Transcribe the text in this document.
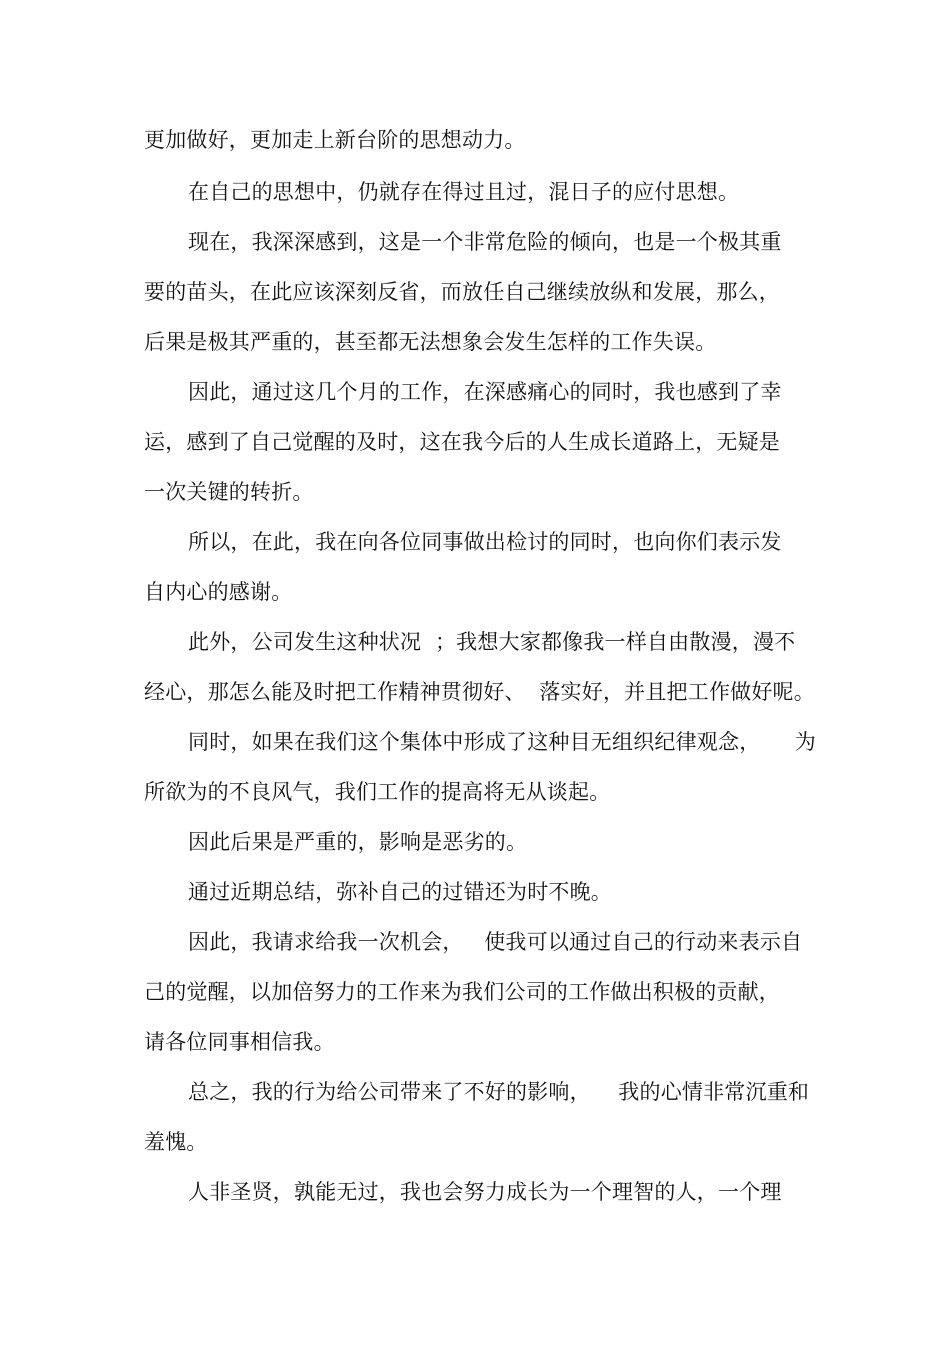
更加做好，更加走上新台阶的思想动力。
在自己的思想中，仍就存在得过且过，混日子的应付思想。
现在，我深深感到，这是一个非常危险的倾向，也是一个极其重
要的苗头，在此应该深刻反省，而放任自己继续放纵和发展，那么，
后果是极其严重的，甚至都无法想象会发生怎样的工作失误。
因此，通过这几个月的工作，在深感痛心的同时，我也感到了幸
运，感到了自己觉醒的及时，这在我今后的人生成长道路上，无疑是
一次关键的转折。
所以，在此，我在向各位同事做出检讨的同时，也向你们表示发
自内心的感谢。
此外，公司发生这种状况  ；我想大家都像我一样自由散漫，漫不
经心，那怎么能及时把工作精神贯彻好、  落实好，并且把工作做好呢。
同时，如果在我们这个集体中形成了这种目无组织纪律观念，     为
所欲为的不良风气，我们工作的提高将无从谈起。
因此后果是严重的，影响是恶劣的。
通过近期总结，弥补自己的过错还为时不晚。
因此，我请求给我一次机会，   使我可以通过自己的行动来表示自
己的觉醒，以加倍努力的工作来为我们公司的工作做出积极的贡献，
请各位同事相信我。
总之，我的行为给公司带来了不好的影响，    我的心情非常沉重和
羞愧。
人非圣贤，孰能无过，我也会努力成长为一个理智的人，一个理
